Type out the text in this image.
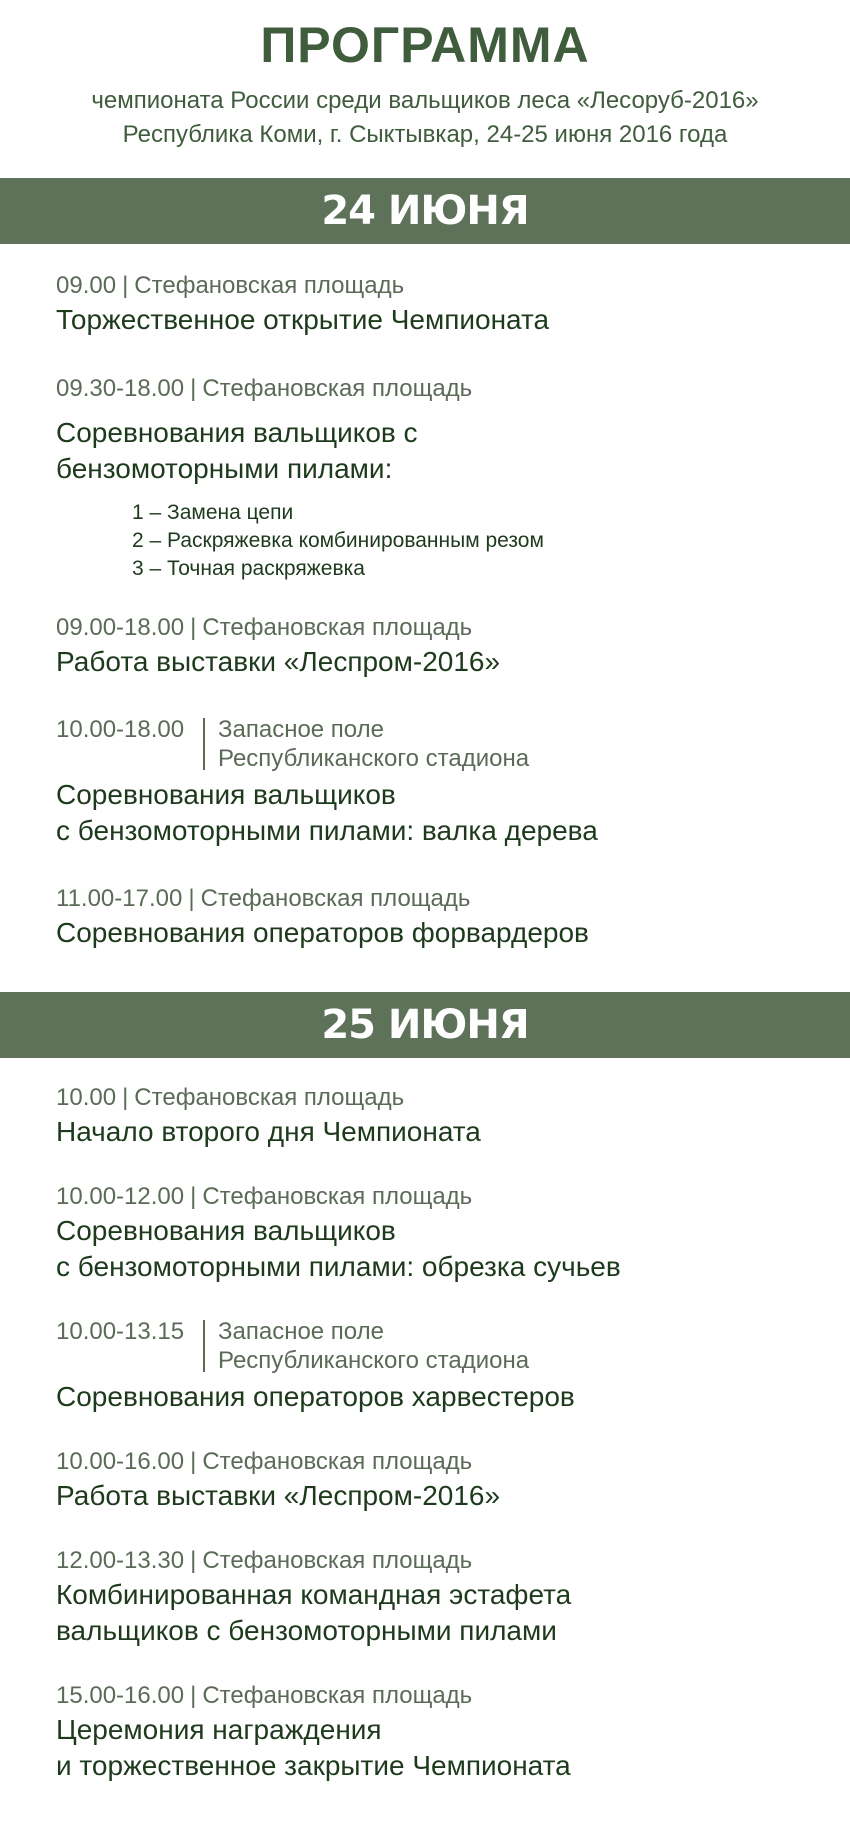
ПРОГРАММА
чемпионата России среди вальщиков леса «Лесоруб-2016»
Республика Коми, г. Сыктывкар, 24-25 июня 2016 года
24 ИЮНЯ
09.00 | Стефановская площадь
Торжественное открытие Чемпионата
09.30-18.00 | Стефановская площадь
Соревнования вальщиков с
бензомоторными пилами:
1 – Замена цепи
2 – Раскряжевка комбинированным резом
3 – Точная раскряжевка
09.00-18.00 | Стефановская площадь
Работа выставки «Леспром-2016»
10.00-18.00 Запасное поле
Республиканского стадиона
Соревнования вальщиков
с бензомоторными пилами: валка дерева
11.00-17.00 | Стефановская площадь
Соревнования операторов форвардеров
25 ИЮНЯ
10.00 | Стефановская площадь
Начало второго дня Чемпионата
10.00-12.00 | Стефановская площадь
Соревнования вальщиков
с бензомоторными пилами: обрезка сучьев
10.00-13.15 Запасное поле
Республиканского стадиона
Соревнования операторов харвестеров
10.00-16.00 | Стефановская площадь
Работа выставки «Леспром-2016»
12.00-13.30 | Стефановская площадь
Комбинированная командная эстафета
вальщиков с бензомоторными пилами
15.00-16.00 | Стефановская площадь
Церемония награждения
и торжественное закрытие Чемпионата
